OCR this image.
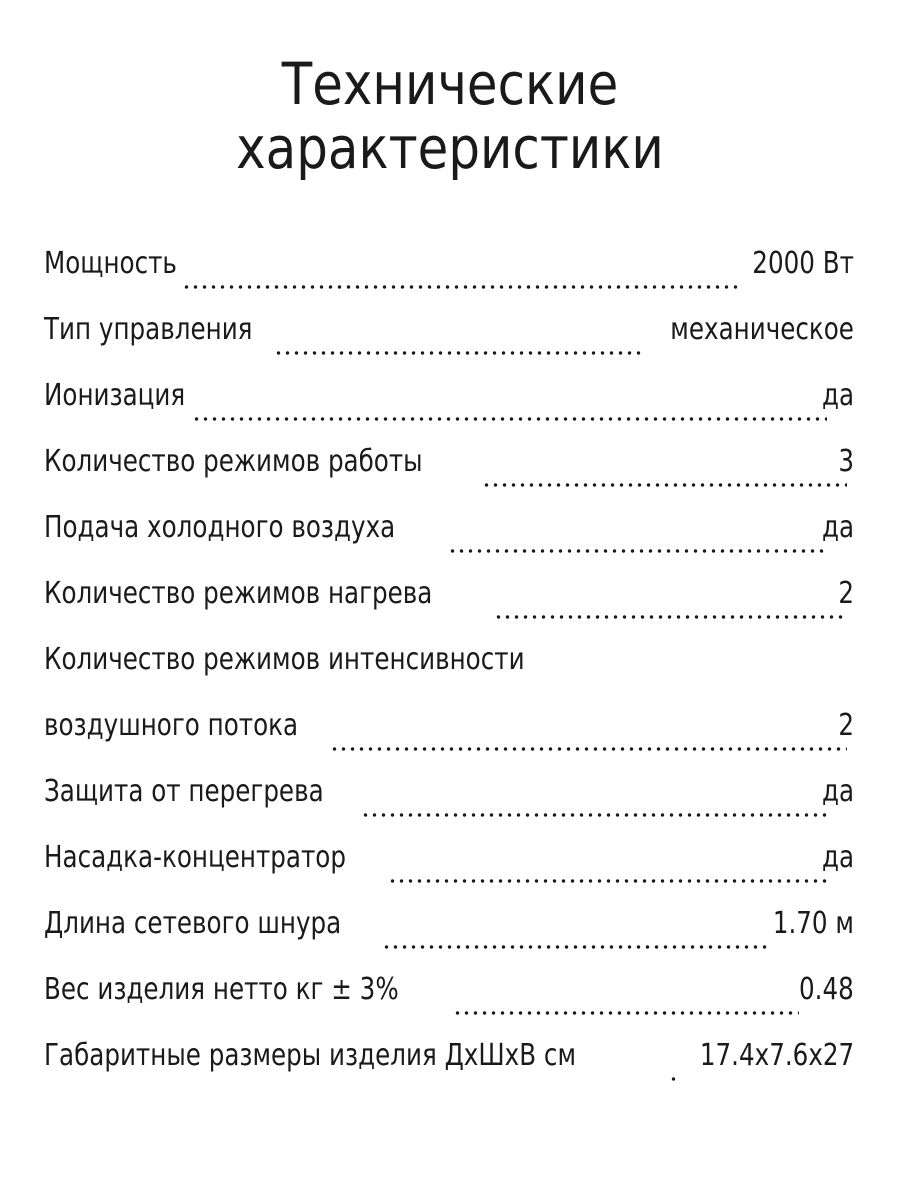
Технические
характеристики
Мощность	2000 Вт
Тип управления	механическое
Ионизация	да
Количество режимов работы	3
Подача холодного воздуха	да
Количество режимов нагрева	2
Количество режимов интенсивности
воздушного потока	2
Защита от перегрева	да
Насадка-концентратор	да
Длина сетевого шнура	1.70 м
Вес изделия нетто кг ± 3%	0.48
Габаритные размеры изделия ДхШхВ см	17.4x7.6x27
